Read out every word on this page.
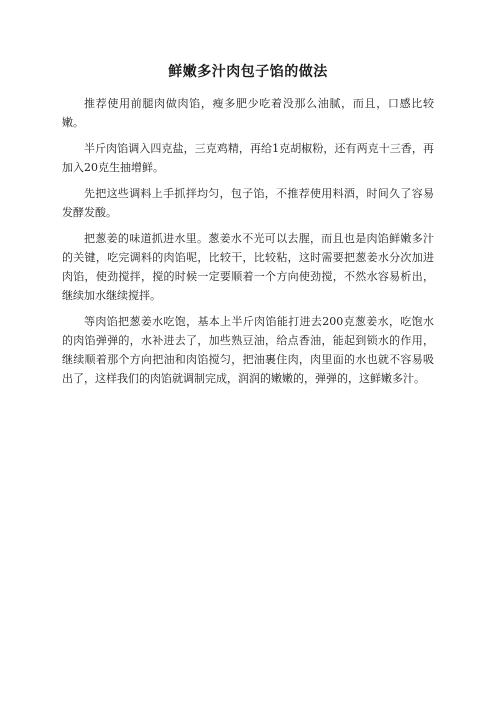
鲜嫩多汁肉包子馅的做法

推荐使用前腿肉做肉馅，瘦多肥少吃着没那么油腻，而且，口感比较嫩。

半斤肉馅调入四克盐，三克鸡精，再给1克胡椒粉，还有两克十三香，再加入20克生抽增鲜。

先把这些调料上手抓拌均匀，包子馅，不推荐使用料酒，时间久了容易发酵发酸。

把葱姜的味道抓进水里。葱姜水不光可以去腥，而且也是肉馅鲜嫩多汁的关键，吃完调料的肉馅呢，比较干，比较粘，这时需要把葱姜水分次加进肉馅，使劲搅拌，搅的时候一定要顺着一个方向使劲搅，不然水容易析出，继续加水继续搅拌。

等肉馅把葱姜水吃饱，基本上半斤肉馅能打进去200克葱姜水，吃饱水的肉馅弹弹的，水补进去了，加些熟豆油，给点香油，能起到锁水的作用，继续顺着那个方向把油和肉馅搅匀，把油裹住肉，肉里面的水也就不容易吸出了，这样我们的肉馅就调制完成，润润的嫩嫩的，弹弹的，这鲜嫩多汁。
